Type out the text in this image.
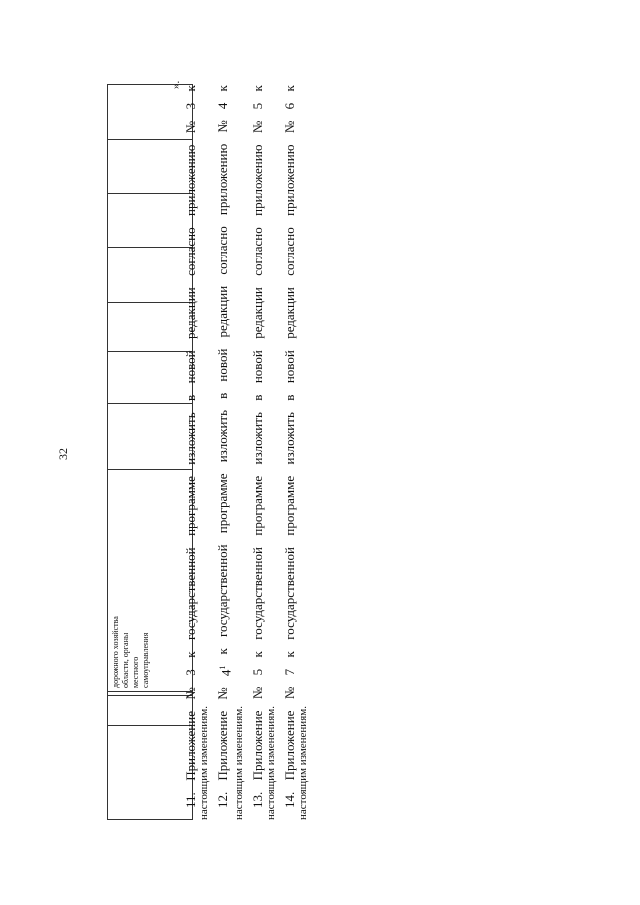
32

дорожного хозяйства области, органы местного самоуправления

».
11.
Приложение
№
3
к
государственной
программе
изложить
в
новой
редакции
согласно
приложению
№
3
к
настоящим изменениям. 12.
Приложение
№
$4^1$
к
государственной
программе
изложить
в
новой
редакции
согласно
приложению
№
4
к
настоящим изменениям. 13.
Приложение
№
5
к
государственной
программе
изложить
в
новой
редакции
согласно
приложению
№
5
к
настоящим изменениям. 14.
Приложение
№
7
к
государственной
программе
изложить
в
новой
редакции
согласно
приложению
№
6
к
настоящим изменениям.
